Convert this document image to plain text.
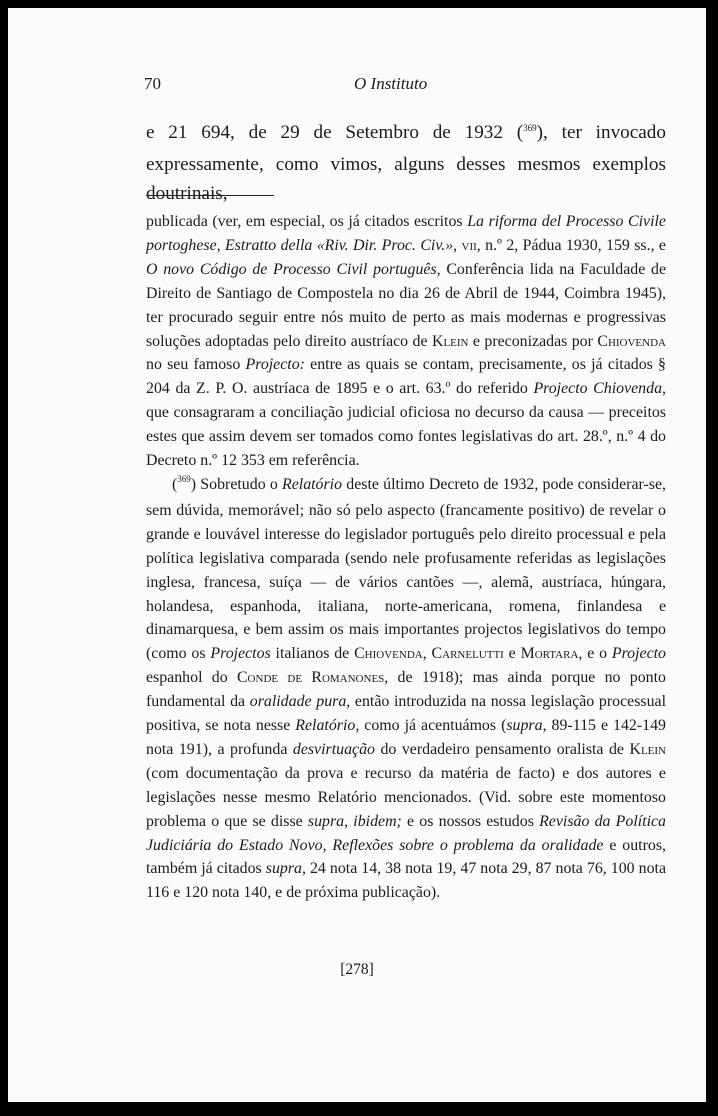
70	O Instituto

e 21 694, de 29 de Setembro de 1932 ($^{369}$), ter invocado expressamente, como vimos, alguns desses mesmos exemplos doutrinais,

publicada (ver, em especial, os já citados escritos La riforma del Processo Civile portoghese, Estratto della «Riv. Dir. Proc. Civ.», vii, n.º 2, Pádua 1930, 159 ss., e O novo Código de Processo Civil português, Conferência lida na Faculdade de Direito de Santiago de Compostela no dia 26 de Abril de 1944, Coimbra 1945), ter procurado seguir entre nós muito de perto as mais modernas e progressivas soluções adoptadas pelo direito austríaco de Klein e preconizadas por Chiovenda no seu famoso Projecto: entre as quais se contam, precisamente, os já citados § 204 da Z. P. O. austríaca de 1895 e o art. 63.º do referido Projecto Chiovenda, que consagraram a conciliação judicial oficiosa no decurso da causa — preceitos estes que assim devem ser tomados como fontes legislativas do art. 28.º, n.º 4 do Decreto n.º 12 353 em referência.

($^{369}$) Sobretudo o Relatório deste último Decreto de 1932, pode considerar-se, sem dúvida, memorável; não só pelo aspecto (francamente positivo) de revelar o grande e louvável interesse do legislador português pelo direito processual e pela política legislativa comparada (sendo nele profusamente referidas as legislações inglesa, francesa, suíça — de vários cantões —, alemã, austríaca, húngara, holandesa, espanhoda, italiana, norte-americana, romena, finlandesa e dinamarquesa, e bem assim os mais importantes projectos legislativos do tempo (como os Projectos italianos de Chiovenda, Carnelutti e Mortara, e o Projecto espanhol do Conde de Romanones, de 1918); mas ainda porque no ponto fundamental da oralidade pura, então introduzida na nossa legislação processual positiva, se nota nesse Relatório, como já acentuámos (supra, 89-115 e 142-149 nota 191), a profunda desvirtuação do verdadeiro pensamento oralista de Klein (com documentação da prova e recurso da matéria de facto) e dos autores e legislações nesse mesmo Relatório mencionados. (Vid. sobre este momentoso problema o que se disse supra, ibidem; e os nossos estudos Revisão da Política Judiciária do Estado Novo, Reflexões sobre o problema da oralidade e outros, também já citados supra, 24 nota 14, 38 nota 19, 47 nota 29, 87 nota 76, 100 nota 116 e 120 nota 140, e de próxima publicação).

[278]
